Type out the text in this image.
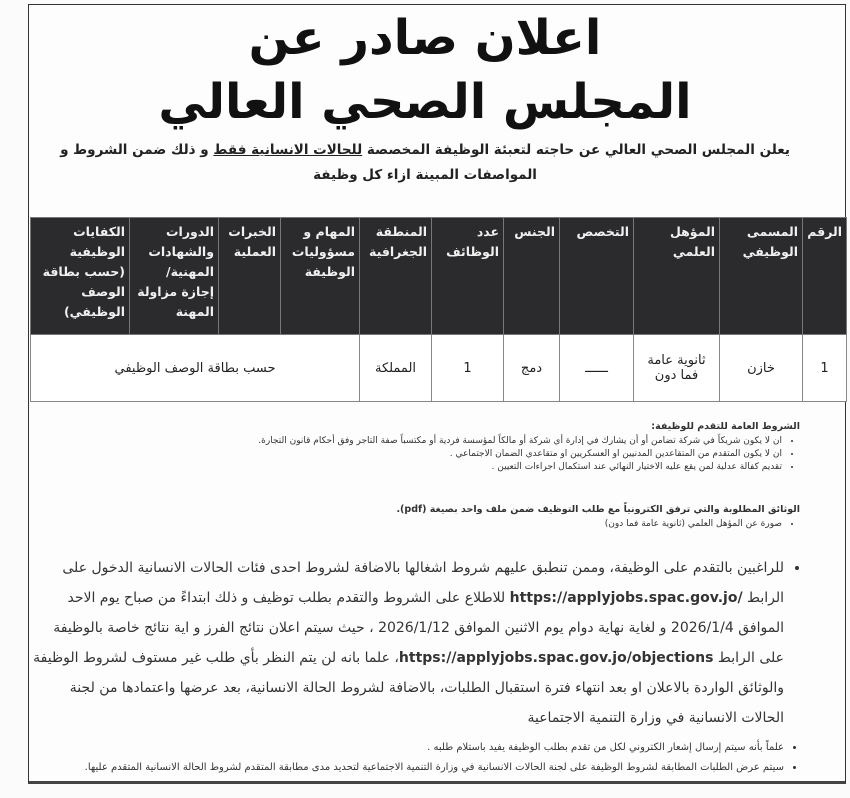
اعلان صادر عن
المجلس الصحي العالي
يعلن المجلس الصحي العالي عن حاجته لتعبئة الوظيفة المخصصة للحالات الانسانية فقط و ذلك ضمن الشروط و المواصفات المبينة ازاء كل وظيفة
الرقم	المسمى الوظيفي	المؤهل العلمي	التخصص	الجنس	عدد الوظائف	المنطقة الجغرافية	المهام و مسؤوليات الوظيفة	الخبرات العملية	الدورات والشهادات المهنية/إجازة مزاولة المهنة	الكفايات الوظيفية (حسب بطاقة الوصف الوظيفي)
1	خازن	ثانوية عامة فما دون	ــــــ	دمج	1	المملكة	حسب بطاقة الوصف الوظيفي			
الشروط العامة للتقدم للوظيفة:
• ان لا يكون شريكاً في شركة تضامن أو أن يشارك في إدارة أي شركة أو مالكاً لمؤسسة فردية أو مكتسباً صفة التاجر وفق أحكام قانون التجارة.
• ان لا يكون المتقدم من المتقاعدين المدنيين او العسكريين او متقاعدي الضمان الاجتماعي .
• تقديم كفالة عدلية لمن يقع عليه الاختيار النهائي عند استكمال اجراءات التعيين .
الوثائق المطلوبة والتي ترفق الكترونياً مع طلب التوظيف ضمن ملف واحد بصيغة (pdf).
• صورة عن المؤهل العلمي (ثانوية عامة فما دون)
• للراغبين بالتقدم على الوظيفة، وممن تنطبق عليهم شروط اشغالها بالاضافة لشروط احدى فئات الحالات الانسانية الدخول على الرابط https://applyjobs.spac.gov.jo/ للاطلاع على الشروط والتقدم بطلب توظيف و ذلك ابتداءً من صباح يوم الاحد الموافق 2026/1/4 و لغاية نهاية دوام يوم الاثنين الموافق 2026/1/12 ، حيث سيتم اعلان نتائج الفرز و اية نتائج خاصة بالوظيفة على الرابط https://applyjobs.spac.gov.jo/objections، علما بانه لن يتم النظر بأي طلب غير مستوف لشروط الوظيفة والوثائق الواردة بالاعلان او بعد انتهاء فترة استقبال الطلبات، بالاضافة لشروط الحالة الانسانية، بعد عرضها واعتمادها من لجنة الحالات الانسانية في وزارة التنمية الاجتماعية
• علماً بأنه سيتم إرسال إشعار الكتروني لكل من تقدم بطلب الوظيفة يفيد باستلام طلبه .
• سيتم عرض الطلبات المطابقة لشروط الوظيفة على لجنة الحالات الانسانية في وزارة التنمية الاجتماعية لتحديد مدى مطابقة المتقدم لشروط الحالة الانسانية المتقدم عليها.
